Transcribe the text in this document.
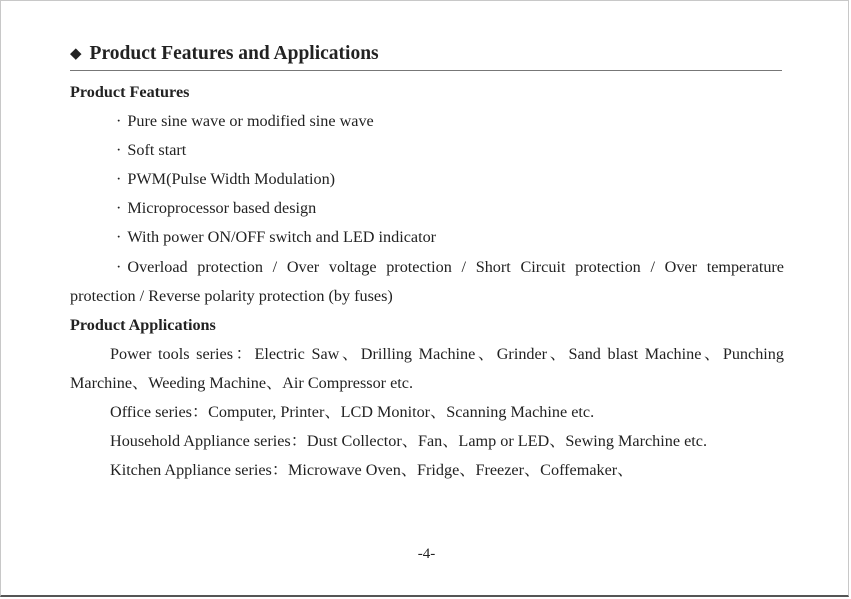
◆ Product Features and Applications
Product Features
· Pure sine wave or modified sine wave
· Soft start
· PWM(Pulse Width Modulation)
· Microprocessor based design
· With power ON/OFF switch and LED indicator
· Overload protection / Over voltage protection / Short Circuit protection / Over temperature protection / Reverse polarity protection (by fuses)
Product Applications
Power tools series：Electric Saw、Drilling Machine、Grinder、Sand blast Machine、Punching Marchine、Weeding Machine、Air Compressor etc.
Office series：Computer, Printer、LCD Monitor、Scanning Machine etc.
Household Appliance series：Dust Collector、Fan、Lamp or LED、Sewing Marchine etc.
Kitchen Appliance series：Microwave Oven、Fridge、Freezer、Coffemaker、
-4-
